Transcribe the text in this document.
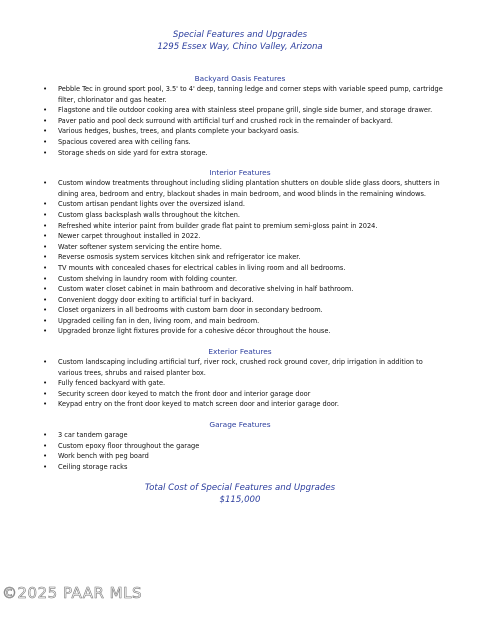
Special Features and Upgrades
1295 Essex Way, Chino Valley, Arizona
Backyard Oasis Features
• Pebble Tec in ground sport pool, 3.5' to 4' deep, tanning ledge and corner steps with variable speed pump, cartridge filter, chlorinator and gas heater.
• Flagstone and tile outdoor cooking area with stainless steel propane grill, single side burner, and storage drawer.
• Paver patio and pool deck surround with artificial turf and crushed rock in the remainder of backyard.
• Various hedges, bushes, trees, and plants complete your backyard oasis.
• Spacious covered area with ceiling fans.
• Storage sheds on side yard for extra storage.
Interior Features
• Custom window treatments throughout including sliding plantation shutters on double slide glass doors, shutters in dining area, bedroom and entry, blackout shades in main bedroom, and wood blinds in the remaining windows.
• Custom artisan pendant lights over the oversized island.
• Custom glass backsplash walls throughout the kitchen.
• Refreshed white interior paint from builder grade flat paint to premium semi-gloss paint in 2024.
• Newer carpet throughout installed in 2022.
• Water softener system servicing the entire home.
• Reverse osmosis system services kitchen sink and refrigerator ice maker.
• TV mounts with concealed chases for electrical cables in living room and all bedrooms.
• Custom shelving in laundry room with folding counter.
• Custom water closet cabinet in main bathroom and decorative shelving in half bathroom.
• Convenient doggy door exiting to artificial turf in backyard.
• Closet organizers in all bedrooms with custom barn door in secondary bedroom.
• Upgraded ceiling fan in den, living room, and main bedroom.
• Upgraded bronze light fixtures provide for a cohesive décor throughout the house.
Exterior Features
• Custom landscaping including artificial turf, river rock, crushed rock ground cover, drip irrigation in addition to various trees, shrubs and raised planter box.
• Fully fenced backyard with gate.
• Security screen door keyed to match the front door and interior garage door
• Keypad entry on the front door keyed to match screen door and interior garage door.
Garage Features
• 3 car tandem garage
• Custom epoxy floor throughout the garage
• Work bench with peg board
• Ceiling storage racks
Total Cost of Special Features and Upgrades
$115,000
©2025 PAAR MLS
